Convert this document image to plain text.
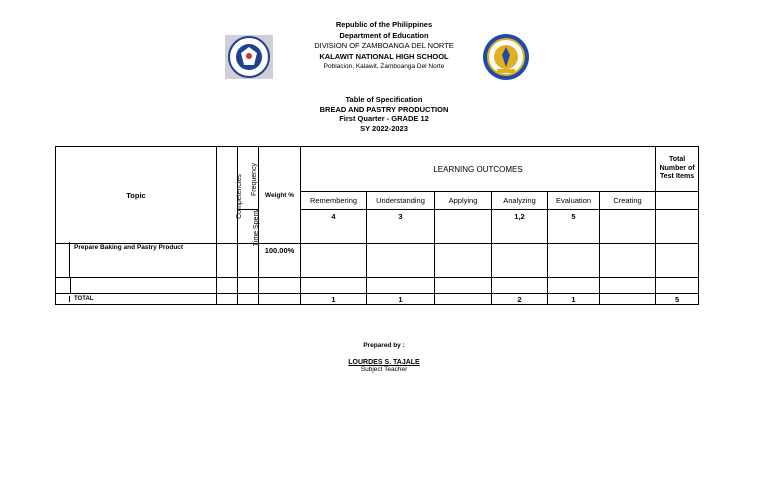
Republic of the Philippines
Department of Education
DIVISION OF ZAMBOANGA DEL NORTE
KALAWIT NATIONAL HIGH SCHOOL
Poblacion, Kalawit, Zamboanga Del Norte
Table of Specification
BREAD AND PASTRY PRODUCTION
First Quarter - GRADE 12
SY 2022-2023
Topic	Competencies	Frequency	Weight %	LEARNING OUTCOMES						Total Number of Test Items
				Remembering	Understanding	Applying	Analyzing	Evaluation	Creating	
		Time Spent/		4	3		1,2	5		
Prepare Baking and Pastry Product			100.00%							

TOTAL				1	1		2	1		5
Prepared by :
LOURDES S. TAJALE
Subject Teacher
